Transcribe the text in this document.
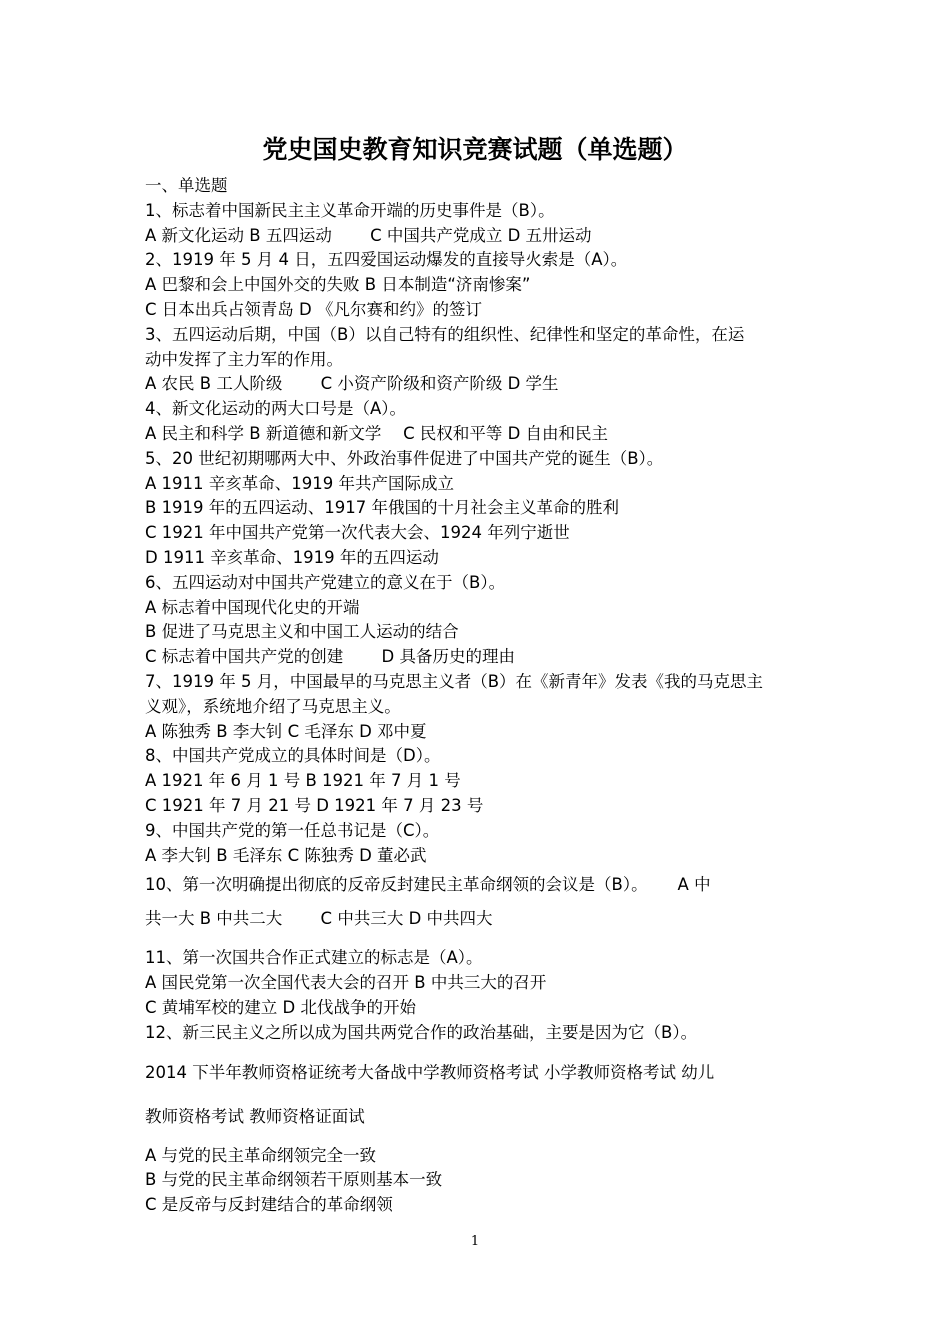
党史国史教育知识竞赛试题（单选题）
一、单选题
1、标志着中国新民主主义革命开端的历史事件是（B）。
A 新文化运动 B 五四运动　　 C 中国共产党成立 D 五卅运动
2、1919 年 5 月 4 日，五四爱国运动爆发的直接导火索是（A）。
A 巴黎和会上中国外交的失败 B 日本制造“济南惨案”
C 日本出兵占领青岛 D 《凡尔赛和约》的签订
3、五四运动后期，中国（B）以自己特有的组织性、纪律性和坚定的革命性，在运
动中发挥了主力军的作用。
A 农民 B 工人阶级　　 C 小资产阶级和资产阶级 D 学生
4、新文化运动的两大口号是（A）。
A 民主和科学 B 新道德和新文学　 C 民权和平等 D 自由和民主
5、20 世纪初期哪两大中、外政治事件促进了中国共产党的诞生（B）。
A 1911 辛亥革命、1919 年共产国际成立
B 1919 年的五四运动、1917 年俄国的十月社会主义革命的胜利
C 1921 年中国共产党第一次代表大会、1924 年列宁逝世
D 1911 辛亥革命、1919 年的五四运动
6、五四运动对中国共产党建立的意义在于（B）。
A 标志着中国现代化史的开端
B 促进了马克思主义和中国工人运动的结合
C 标志着中国共产党的创建　　 D 具备历史的理由
7、1919 年 5 月，中国最早的马克思主义者（B）在《新青年》发表《我的马克思主
义观》，系统地介绍了马克思主义。
A 陈独秀 B 李大钊 C 毛泽东 D 邓中夏
8、中国共产党成立的具体时间是（D）。
A 1921 年 6 月 1 号 B 1921 年 7 月 1 号
C 1921 年 7 月 21 号 D 1921 年 7 月 23 号
9、中国共产党的第一任总书记是（C）。
A 李大钊 B 毛泽东 C 陈独秀 D 董必武
10、第一次明确提出彻底的反帝反封建民主革命纲领的会议是（B）。　　 A 中
共一大 B 中共二大　　 C 中共三大 D 中共四大
11、第一次国共合作正式建立的标志是（A）。
A 国民党第一次全国代表大会的召开 B 中共三大的召开
C 黄埔军校的建立 D 北伐战争的开始
12、新三民主义之所以成为国共两党合作的政治基础，主要是因为它（B）。
2014 下半年教师资格证统考大备战中学教师资格考试 小学教师资格考试 幼儿
教师资格考试 教师资格证面试
A 与党的民主革命纲领完全一致
B 与党的民主革命纲领若干原则基本一致
C 是反帝与反封建结合的革命纲领
1
